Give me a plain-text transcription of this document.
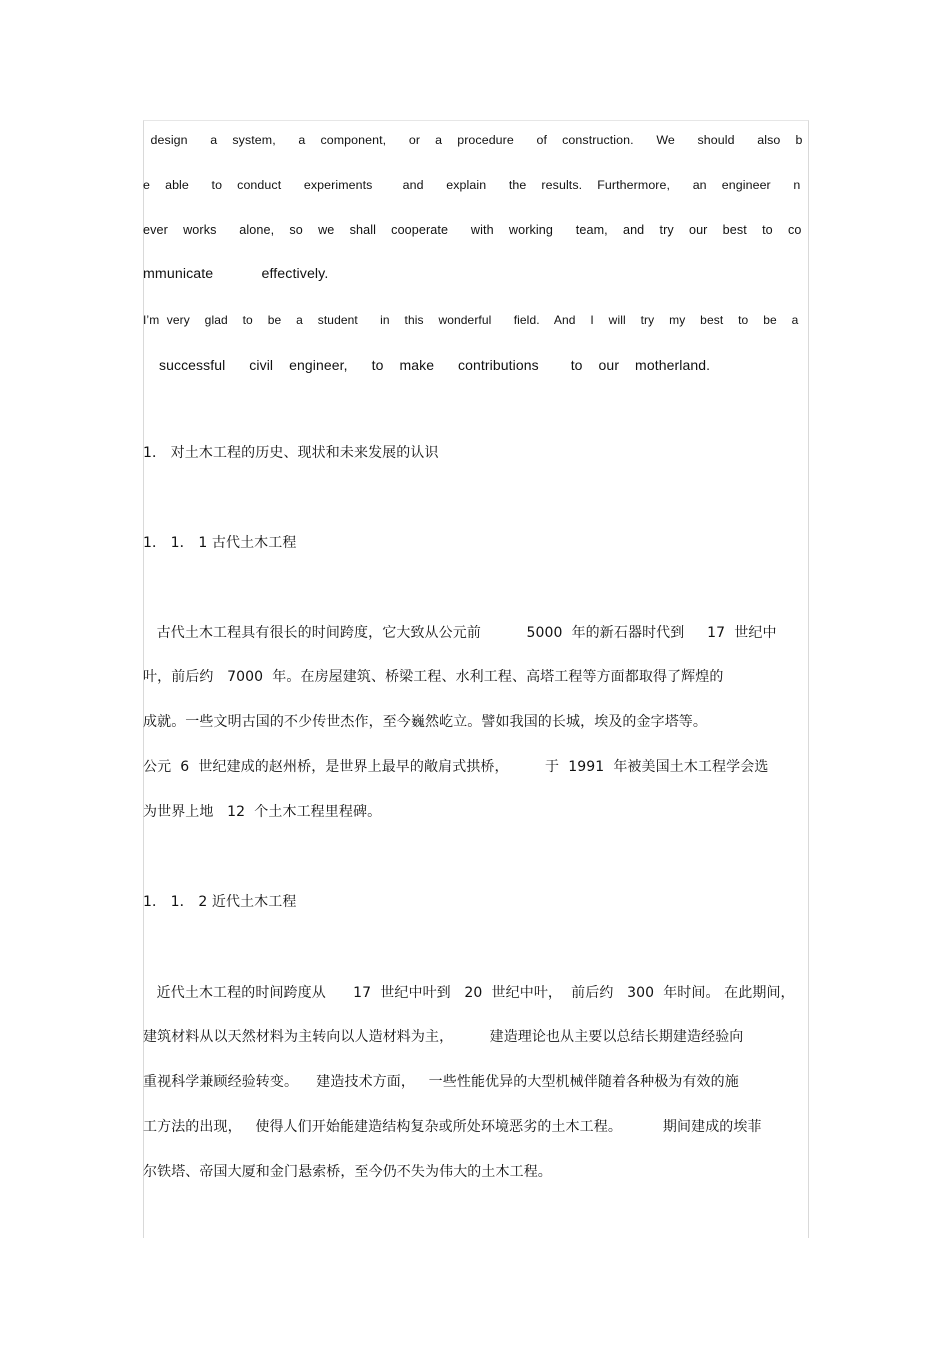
design   a  system,   a  component,   or  a  procedure   of  construction.   We   should   also  b
e  able   to  conduct   experiments    and   explain   the  results.  Furthermore,   an  engineer   n
ever  works   alone,  so  we  shall  cooperate   with  working   team,  and  try  our  best  to  co
mmunicate    effectively.
I’m very  glad  to  be  a  student   in  this  wonderful   field.  And  I  will  try  my  best  to  be  a
successful   civil  engineer,   to  make   contributions    to  our  motherland.
1． 对土木工程的历史、现状和未来发展的认识
1． 1． 1 古代土木工程
古代土木工程具有很长的时间跨度，它大致从公元前          5000  年的新石器时代到     17  世纪中
叶，前后约   7000  年。在房屋建筑、桥梁工程、水利工程、高塔工程等方面都取得了辉煌的
成就。一些文明古国的不少传世杰作，至今巍然屹立。譬如我国的长城，埃及的金字塔等。
公元  6  世纪建成的赵州桥，是世界上最早的敞肩式拱桥，        于  1991  年被美国土木工程学会选
为世界上地   12  个土木工程里程碑。
1． 1． 2 近代土木工程
近代土木工程的时间跨度从      17  世纪中叶到   20  世纪中叶，  前后约   300  年时间。 在此期间，
建筑材料从以天然材料为主转向以人造材料为主，        建造理论也从主要以总结长期建造经验向
重视科学兼顾经验转变。    建造技术方面，   一些性能优异的大型机械伴随着各种极为有效的施
工方法的出现，   使得人们开始能建造结构复杂或所处环境恶劣的土木工程。         期间建成的埃菲
尔铁塔、帝国大厦和金门悬索桥，至今仍不失为伟大的土木工程。
